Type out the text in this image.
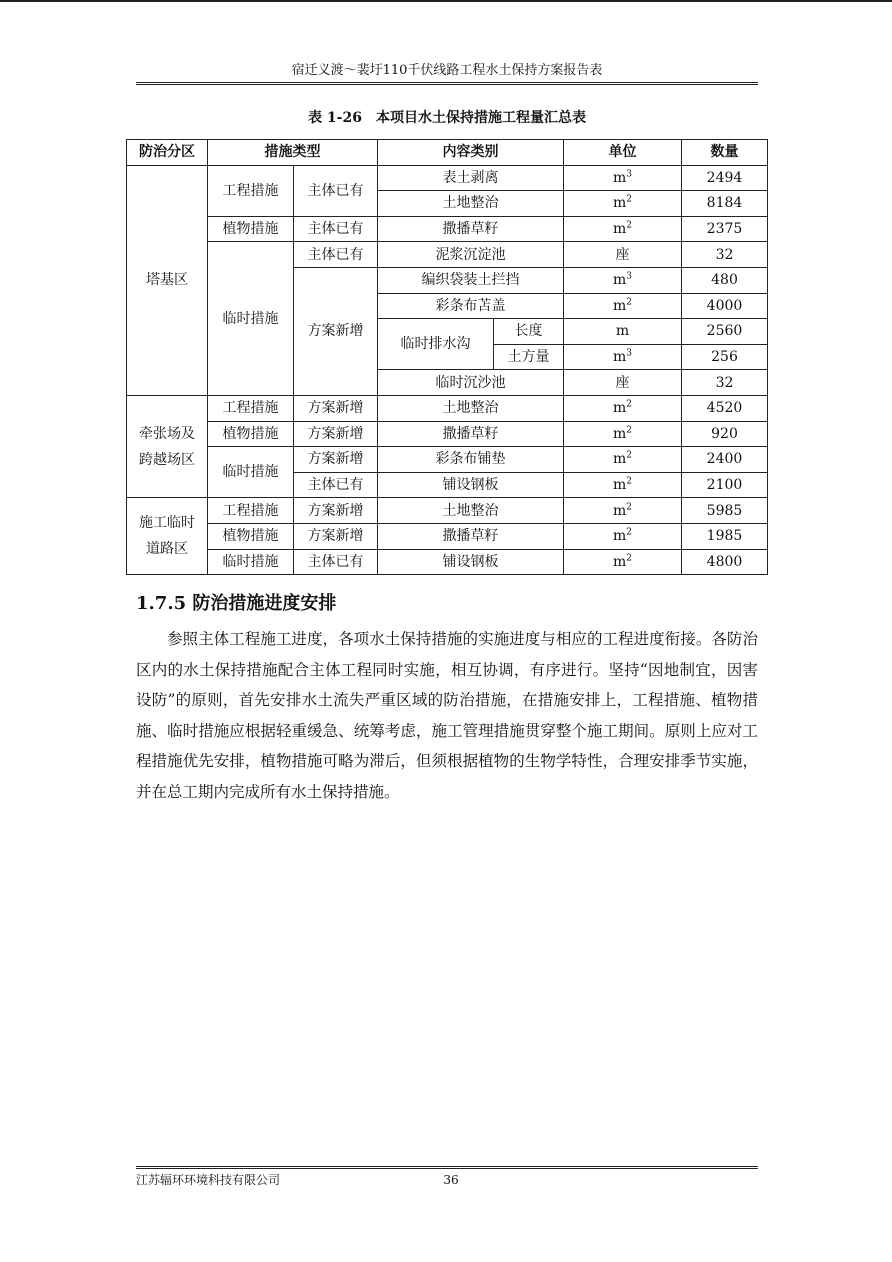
宿迁义渡～裴圩110千伏线路工程水土保持方案报告表
表 1-26　本项目水土保持措施工程量汇总表
防治分区	措施类型		内容类别		单位	数量
塔基区	工程措施	主体已有	表土剥离		$m^3$	2494
			土地整治		$m^2$	8184
	植物措施	主体已有	撒播草籽		$m^2$	2375
	临时措施	主体已有	泥浆沉淀池		座	32
		方案新增	编织袋装土拦挡		$m^3$	480
			彩条布苫盖		$m^2$	4000
			临时排水沟	长度	m	2560
				土方量	$m^3$	256
			临时沉沙池		座	32
牵张场及跨越场区	工程措施	方案新增	土地整治		$m^2$	4520
	植物措施	方案新增	撒播草籽		$m^2$	920
	临时措施	方案新增	彩条布铺垫		$m^2$	2400
		主体已有	铺设钢板		$m^2$	2100
施工临时道路区	工程措施	方案新增	土地整治		$m^2$	5985
	植物措施	方案新增	撒播草籽		$m^2$	1985
	临时措施	主体已有	铺设钢板		$m^2$	4800
1.7.5 防治措施进度安排

参照主体工程施工进度，各项水土保持措施的实施进度与相应的工程进度衔接。各防治区内的水土保持措施配合主体工程同时实施，相互协调，有序进行。坚持“因地制宜，因害设防”的原则，首先安排水土流失严重区域的防治措施，在措施安排上，工程措施、植物措施、临时措施应根据轻重缓急、统筹考虑，施工管理措施贯穿整个施工期间。原则上应对工程措施优先安排，植物措施可略为滞后，但须根据植物的生物学特性，合理安排季节实施，并在总工期内完成所有水土保持措施。

江苏辐环环境科技有限公司	36
